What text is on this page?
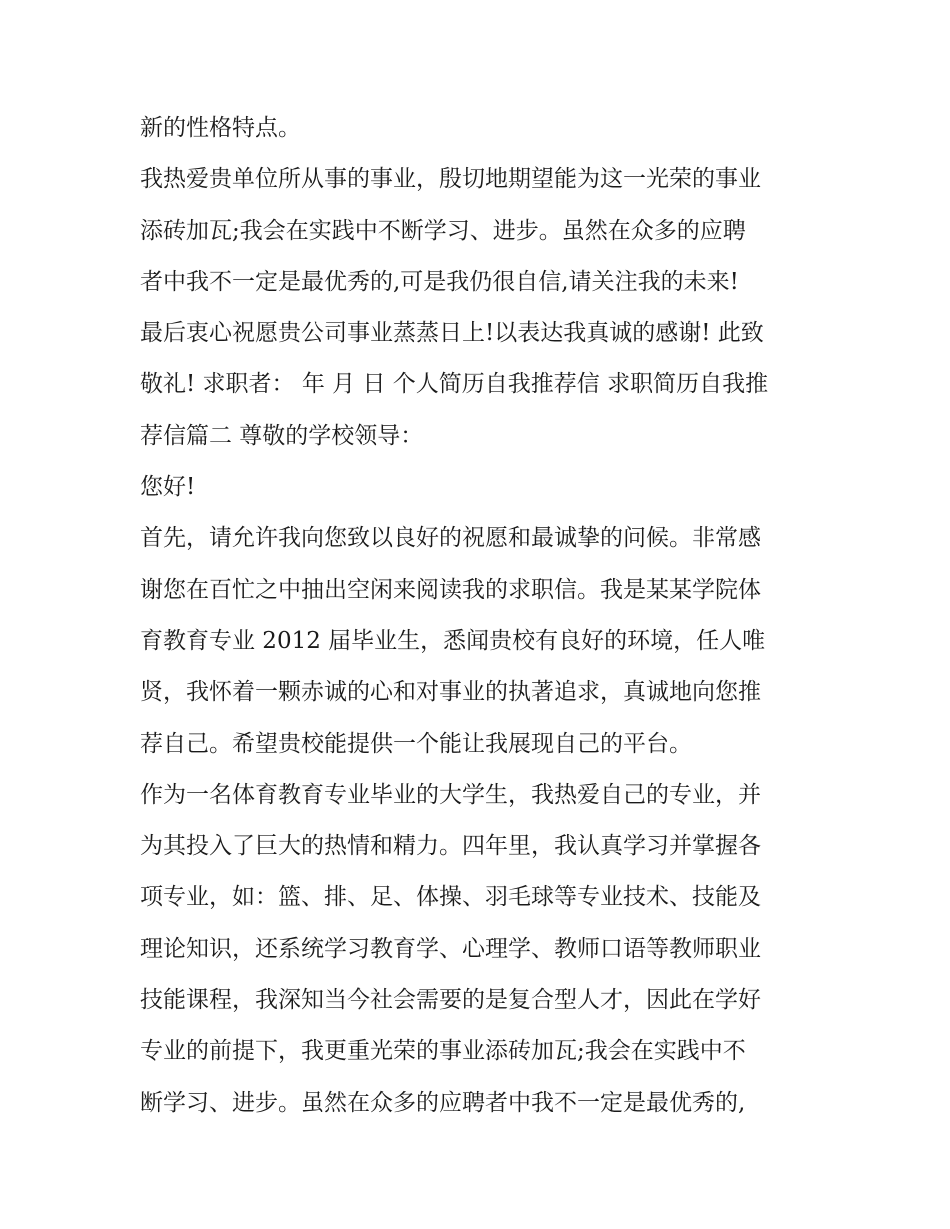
新的性格特点。
我热爱贵单位所从事的事业，殷切地期望能为这一光荣的事业
添砖加瓦;我会在实践中不断学习、进步。虽然在众多的应聘
者中我不一定是最优秀的,可是我仍很自信,请关注我的未来!
最后衷心祝愿贵公司事业蒸蒸日上!以表达我真诚的感谢! 此致
敬礼! 求职者： 年 月 日 个人简历自我推荐信 求职简历自我推
荐信篇二 尊敬的学校领导：
您好!
首先，请允许我向您致以良好的祝愿和最诚挚的问候。非常感
谢您在百忙之中抽出空闲来阅读我的求职信。我是某某学院体
育教育专业 2012 届毕业生，悉闻贵校有良好的环境，任人唯
贤，我怀着一颗赤诚的心和对事业的执著追求，真诚地向您推
荐自己。希望贵校能提供一个能让我展现自己的平台。
作为一名体育教育专业毕业的大学生，我热爱自己的专业，并
为其投入了巨大的热情和精力。四年里，我认真学习并掌握各
项专业，如：篮、排、足、体操、羽毛球等专业技术、技能及
理论知识，还系统学习教育学、心理学、教师口语等教师职业
技能课程，我深知当今社会需要的是复合型人才，因此在学好
专业的前提下，我更重光荣的事业添砖加瓦;我会在实践中不
断学习、进步。虽然在众多的应聘者中我不一定是最优秀的,
